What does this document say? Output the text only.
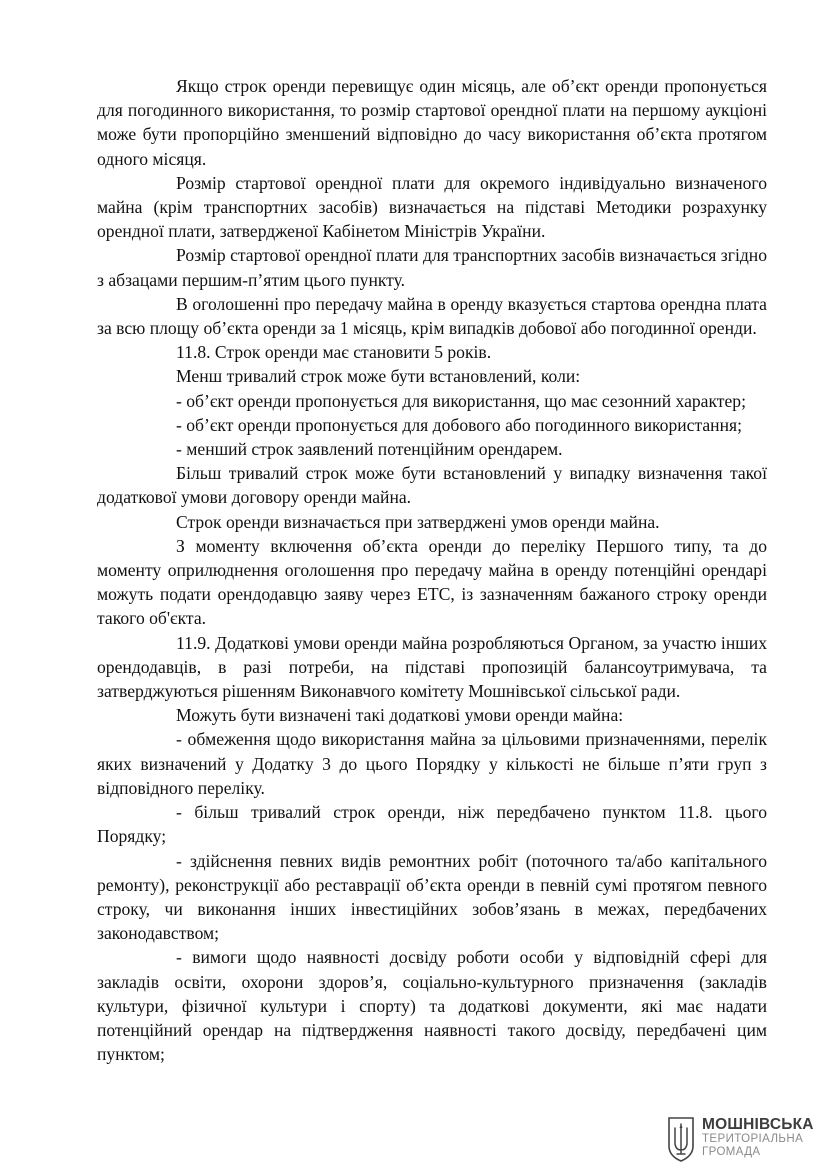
Якщо строк оренди перевищує один місяць, але об’єкт оренди пропонується для погодинного використання, то розмір стартової орендної плати на першому аукціоні може бути пропорційно зменшений відповідно до часу використання об’єкта протягом одного місяця.

Розмір стартової орендної плати для окремого індивідуально визначеного майна (крім транспортних засобів) визначається на підставі Методики розрахунку орендної плати, затвердженої Кабінетом Міністрів України.

Розмір стартової орендної плати для транспортних засобів визначається згідно з абзацами першим-п’ятим цього пункту.

В оголошенні про передачу майна в оренду вказується стартова орендна плата за всю площу об’єкта оренди за 1 місяць, крім випадків добової або погодинної оренди.

11.8. Строк оренди має становити 5 років.

Менш тривалий строк може бути встановлений, коли:

- об’єкт оренди пропонується для використання, що має сезонний характер;

- об’єкт оренди пропонується для добового або погодинного використання;

- менший строк заявлений потенційним орендарем.

Більш тривалий строк може бути встановлений у випадку визначення такої додаткової умови договору оренди майна.

Строк оренди визначається при затверджені умов оренди майна.

З моменту включення об’єкта оренди до переліку Першого типу, та до моменту оприлюднення оголошення про передачу майна в оренду потенційні орендарі можуть подати орендодавцю заяву через ЕТС, із зазначенням бажаного строку оренди такого об'єкта.

11.9. Додаткові умови оренди майна розробляються Органом, за участю інших орендодавців, в разі потреби, на підставі пропозицій балансоутримувача, та затверджуються рішенням Виконавчого комітету Мошнівської сільської ради.

Можуть бути визначені такі додаткові умови оренди майна:

- обмеження щодо використання майна за цільовими призначеннями, перелік яких визначений у Додатку 3 до цього Порядку у кількості не більше п’яти груп з відповідного переліку.

- більш тривалий строк оренди, ніж передбачено пунктом 11.8. цього Порядку;

- здійснення певних видів ремонтних робіт (поточного та/або капітального ремонту), реконструкції або реставрації об’єкта оренди в певній сумі протягом певного строку, чи виконання інших інвестиційних зобов’язань в межах, передбачених законодавством;

- вимоги щодо наявності досвіду роботи особи у відповідній сфері для закладів освіти, охорони здоров’я, соціально-культурного призначення (закладів культури, фізичної культури і спорту) та додаткові документи, які має надати потенційний орендар на підтвердження наявності такого досвіду, передбачені цим пунктом;

МОШНІВСЬКА
ТЕРИТОРІАЛЬНА
ГРОМАДА
